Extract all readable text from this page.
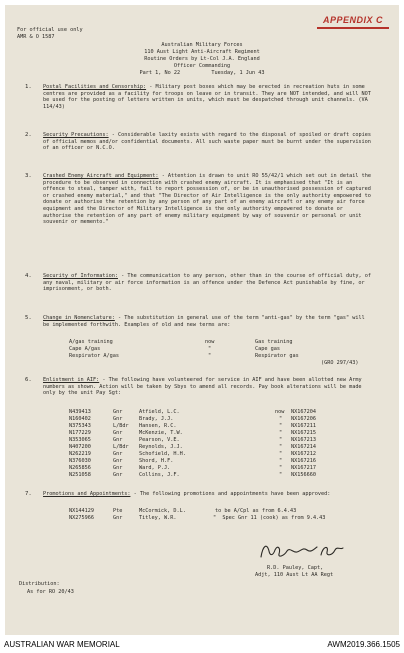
For official use only
AMR & O 1587
APPENDIX C
Australian Military Forces
110 Aust Light Anti-Aircraft Regiment
Routine Orders by Lt-Col J.A. England
Officer Commanding
Part 1, No 22          Tuesday, 1 Jun 43
1. Postal Facilities and Censorship: - Military post boxes which may be erected in recreation huts in some centres are provided as a facility for troops on leave or in transit. They are NOT intended, and will NOT be used for the posting of letters written in units, which must be despatched through unit channels. (VA 114/43)
2. Security Precautions: - Considerable laxity exists with regard to the disposal of spoiled or draft copies of official memos and/or confidential documents. All such waste paper must be burnt under the supervision of an officer or N.C.O.
3. Crashed Enemy Aircraft and Equipment: - Attention is drawn to unit RO 55/42/1 which set out in detail the procedure to be observed in connection with crashed enemy aircraft. It is emphasised that "It is an offence to steal, tamper with, fail to report possession of, or be in unauthorised possession of captured or crashed enemy material," and that "The Director of Air Intelligence is the only authority empowered to donate or authorise the retention by any person of any part of an enemy aircraft or any enemy air force equipment and the Director of Military Intelligence is the only authority empowered to donate or authorise the retention of any part of enemy military equipment by way of souvenir or personal or unit souvenir or memento."
4. Security of Information: - The communication to any person, other than in the course of official duty, of any naval, military or air force information is an offence under the Defence Act punishable by fine, or imprisonment, or both.
5. Change in Nomenclature: - The substitution in general use of the term "anti-gas" by the term "gas" will be implemented forthwith. Examples of old and new terms are:
A/gas training	now	Gas training
Cape A/gas	"	Cape gas
Respirator A/gas	"	Respirator gas
(GRO 297/43)
6. Enlistment in AIF: - The following have volunteered for service in AIF and have been allotted new Army numbers as shown. Action will be taken by Sbys to amend all records. Pay book alterations will be made only by the unit Pay Sgt:
N439413	Gnr	Atfield, L.C.	now NX167204
N160402	Gnr	Brady, J.J.	" NX167206
N375343	L/Bdr Hansen, R.C.	" NX167211
N177229	Gnr	McKenzie, T.W.	" NX167215
N353065	Gnr	Pearson, V.E.	" NX167213
N407200	L/Bdr Reynolds, J.J.	" NX167214
N262219	Gnr	Schofield, H.H.	" NX167212
N376030	Gnr	Shord, H.F.	" NX167216
N265856	Gnr	Ward, P.J.	" NX167217
N251058	Gnr	Collins, J.F.	" NX156660
7. Promotions and Appointments: - The following promotions and appointments have been approved:
NX144129	Pte	McCormick, D.L.	to be A/Cpl as from 6.4.43
NX275966	Gnr	Titley, W.R.	"  Spec Gnr 11 (cook) as from 9.4.43
R.D. Pauley, Capt,
Adjt, 110 Aust Lt AA Regt
Distribution:
As for RO 20/43
AUSTRALIAN WAR MEMORIAL	AWM2019.366.1505
